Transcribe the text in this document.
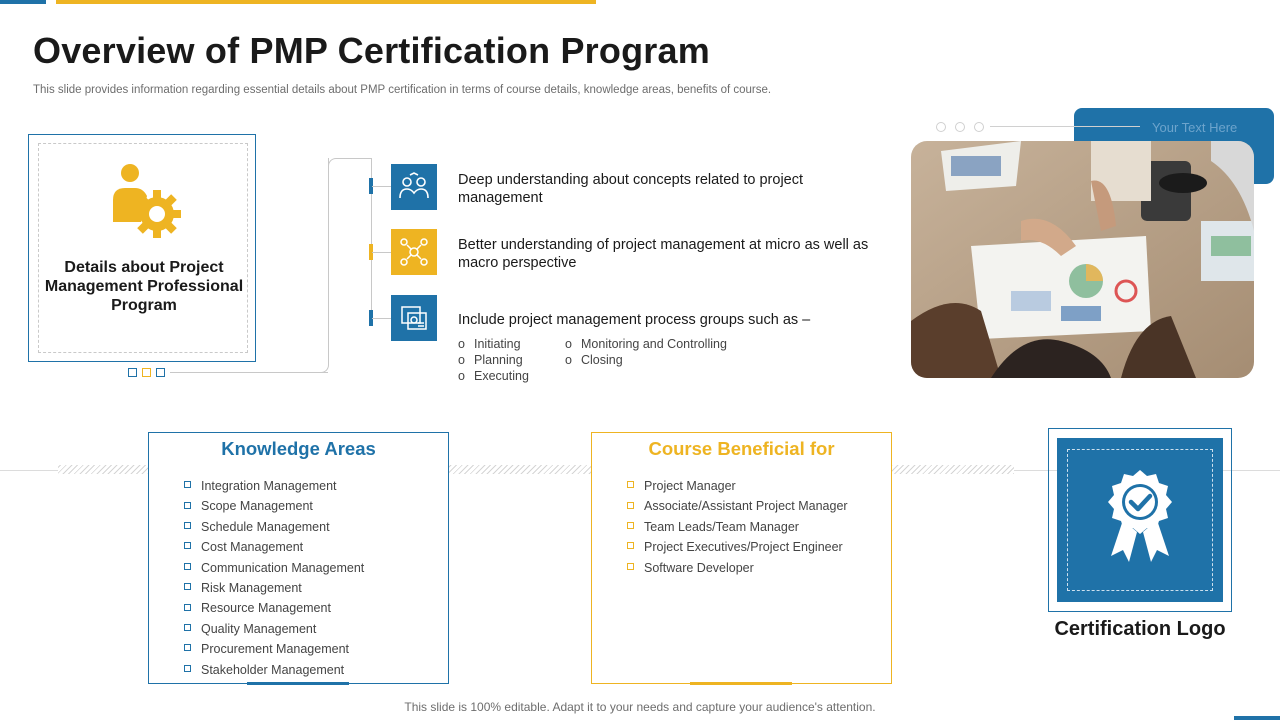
Overview of PMP Certification Program
This slide provides information regarding essential details about PMP certification in terms of course details, knowledge areas, benefits of course.
Details about Project Management Professional Program
Deep understanding about concepts related to project management
Better understanding of project management at micro as well as macro perspective
Include project management process groups such as –
o Initiating
o Planning
o Executing
o Monitoring and Controlling
o Closing
Your Text Here
Knowledge Areas
Integration Management
Scope Management
Schedule Management
Cost Management
Communication Management
Risk Management
Resource Management
Quality Management
Procurement Management
Stakeholder Management
Course Beneficial for
Project Manager
Associate/Assistant Project Manager
Team Leads/Team Manager
Project Executives/Project Engineer
Software Developer
Certification Logo
This slide is 100% editable. Adapt it to your needs and capture your audience's attention.
